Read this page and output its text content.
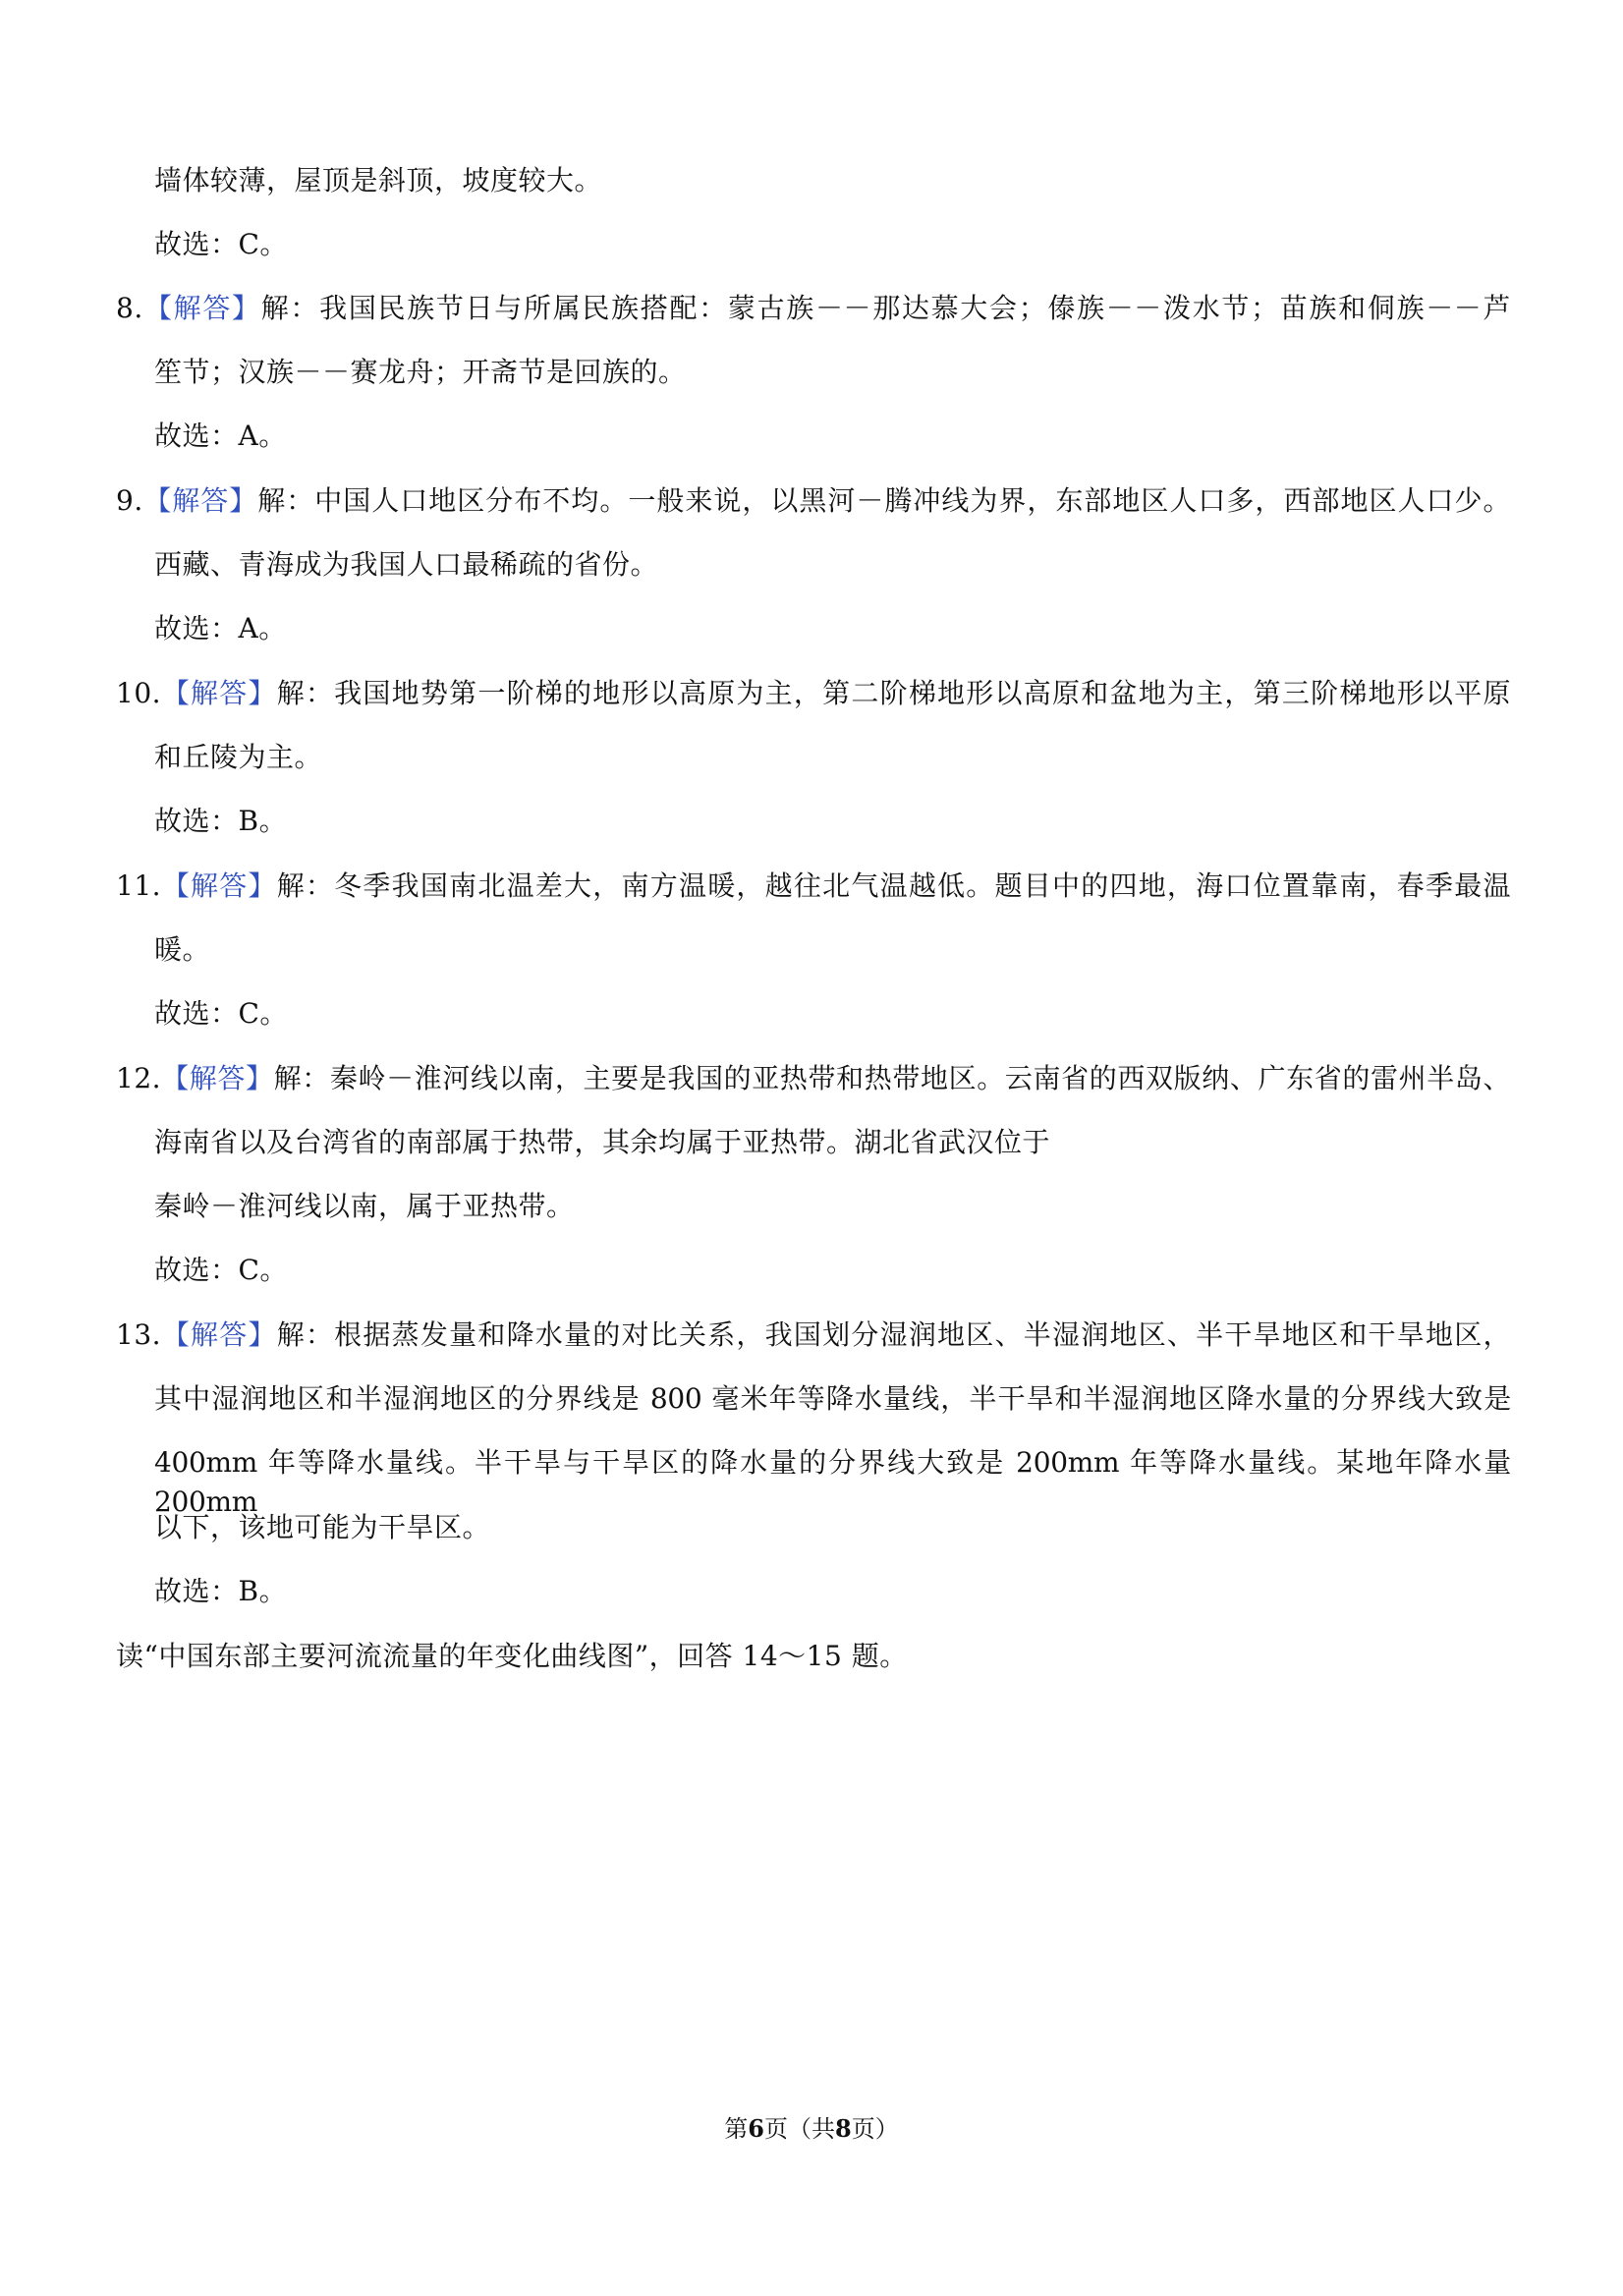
墙体较薄，屋顶是斜顶，坡度较大。
故选：C。
8.【解答】解：我国民族节日与所属民族搭配：蒙古族－－那达慕大会；傣族－－泼水节；苗族和侗族－－芦
笙节；汉族－－赛龙舟；开斋节是回族的。
故选：A。
9.【解答】解：中国人口地区分布不均。一般来说，以黑河－腾冲线为界，东部地区人口多，西部地区人口少。
西藏、青海成为我国人口最稀疏的省份。
故选：A。
10.【解答】解：我国地势第一阶梯的地形以高原为主，第二阶梯地形以高原和盆地为主，第三阶梯地形以平原
和丘陵为主。
故选：B。
11.【解答】解：冬季我国南北温差大，南方温暖，越往北气温越低。题目中的四地，海口位置靠南，春季最温
暖。
故选：C。
12.【解答】解：秦岭－淮河线以南，主要是我国的亚热带和热带地区。云南省的西双版纳、广东省的雷州半岛、
海南省以及台湾省的南部属于热带，其余均属于亚热带。湖北省武汉位于
秦岭－淮河线以南，属于亚热带。
故选：C。
13.【解答】解：根据蒸发量和降水量的对比关系，我国划分湿润地区、半湿润地区、半干旱地区和干旱地区，
其中湿润地区和半湿润地区的分界线是 800 毫米年等降水量线，半干旱和半湿润地区降水量的分界线大致是
400mm 年等降水量线。半干旱与干旱区的降水量的分界线大致是 200mm 年等降水量线。某地年降水量 200mm
以下，该地可能为干旱区。
故选：B。
读“中国东部主要河流流量的年变化曲线图”，回答 14～15 题。
第6页（共8页）
